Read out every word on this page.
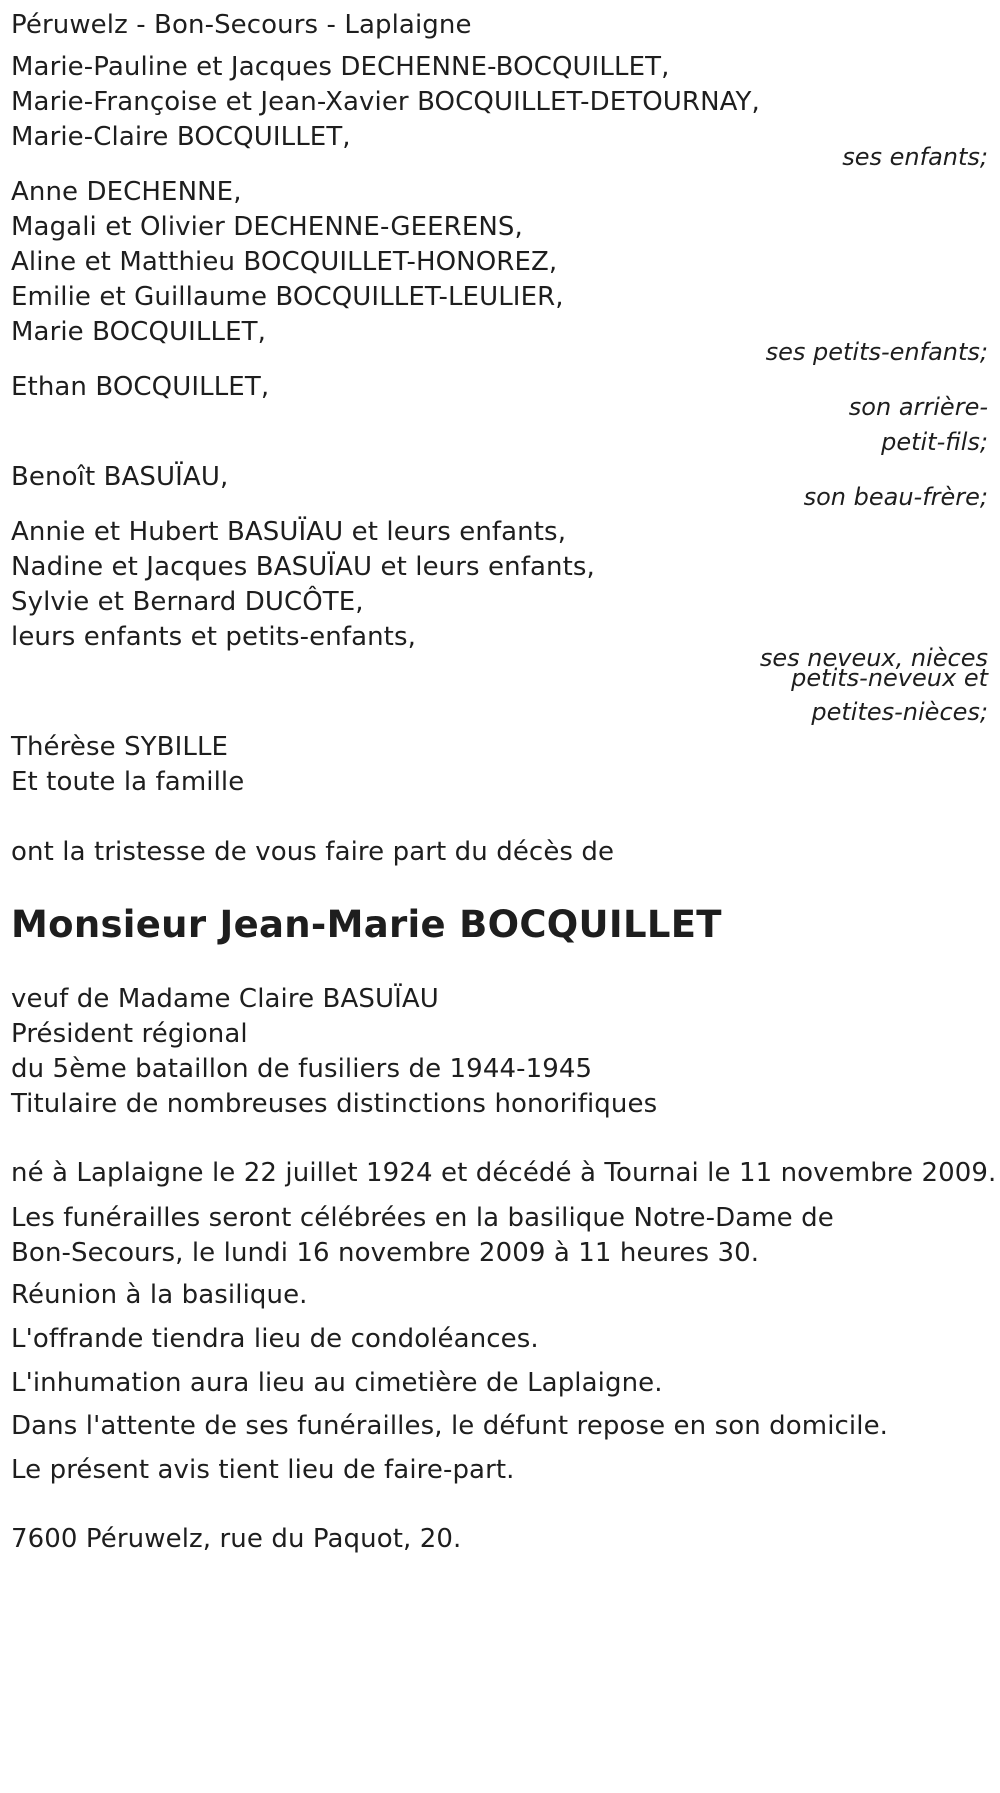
Péruwelz - Bon-Secours - Laplaigne
Marie-Pauline et Jacques DECHENNE-BOCQUILLET,
Marie-Françoise et Jean-Xavier BOCQUILLET-DETOURNAY,
Marie-Claire BOCQUILLET,
ses enfants;
Anne DECHENNE,
Magali et Olivier DECHENNE-GEERENS,
Aline et Matthieu BOCQUILLET-HONOREZ,
Emilie et Guillaume BOCQUILLET-LEULIER,
Marie BOCQUILLET,
ses petits-enfants;
Ethan BOCQUILLET,
son arrière-
petit-fils;
Benoît BASUÏAU,
son beau-frère;
Annie et Hubert BASUÏAU et leurs enfants,
Nadine et Jacques BASUÏAU et leurs enfants,
Sylvie et Bernard DUCÔTE,
leurs enfants et petits-enfants,
ses neveux, nièces
petits-neveux et
petites-nièces;
Thérèse SYBILLE
Et toute la famille
ont la tristesse de vous faire part du décès de
Monsieur Jean-Marie BOCQUILLET
veuf de Madame Claire BASUÏAU
Président régional
du 5ème bataillon de fusiliers de 1944-1945
Titulaire de nombreuses distinctions honorifiques
né à Laplaigne le 22 juillet 1924 et décédé à Tournai le 11 novembre 2009.
Les funérailles seront célébrées en la basilique Notre-Dame de
Bon-Secours, le lundi 16 novembre 2009 à 11 heures 30.
Réunion à la basilique.
L'offrande tiendra lieu de condoléances.
L'inhumation aura lieu au cimetière de Laplaigne.
Dans l'attente de ses funérailles, le défunt repose en son domicile.
Le présent avis tient lieu de faire-part.
7600 Péruwelz, rue du Paquot, 20.
